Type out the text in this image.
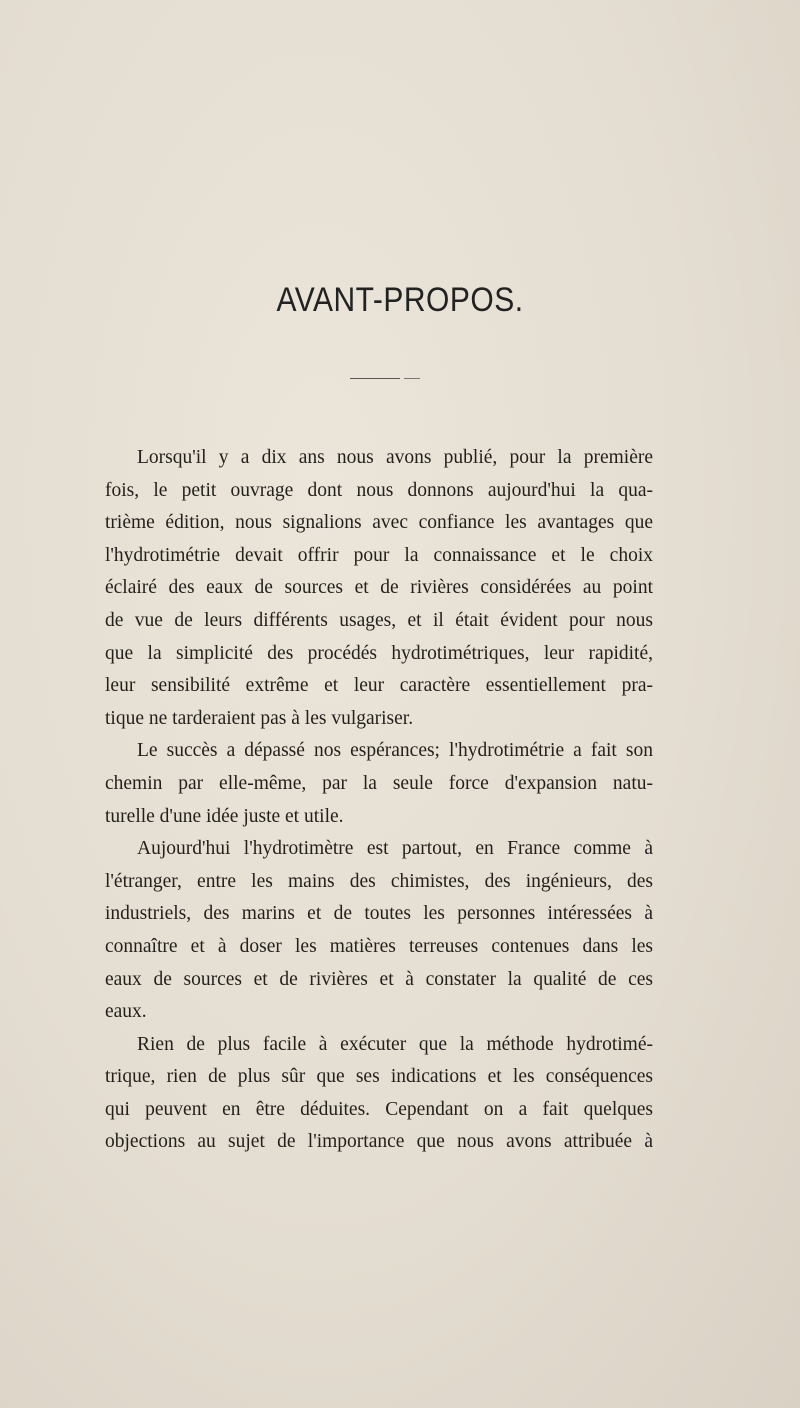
AVANT-PROPOS.

Lorsqu'il y a dix ans nous avons publié, pour la première
fois, le petit ouvrage dont nous donnons aujourd'hui la qua-
trième édition, nous signalions avec confiance les avantages que
l'hydrotimétrie devait offrir pour la connaissance et le choix
éclairé des eaux de sources et de rivières considérées au point
de vue de leurs différents usages, et il était évident pour nous
que la simplicité des procédés hydrotimétriques, leur rapidité,
leur sensibilité extrême et leur caractère essentiellement pra-
tique ne tarderaient pas à les vulgariser.

Le succès a dépassé nos espérances; l'hydrotimétrie a fait son
chemin par elle-même, par la seule force d'expansion natu-
turelle d'une idée juste et utile.

Aujourd'hui l'hydrotimètre est partout, en France comme à
l'étranger, entre les mains des chimistes, des ingénieurs, des
industriels, des marins et de toutes les personnes intéressées à
connaître et à doser les matières terreuses contenues dans les
eaux de sources et de rivières et à constater la qualité de ces
eaux.

Rien de plus facile à exécuter que la méthode hydrotimé-
trique, rien de plus sûr que ses indications et les conséquences
qui peuvent en être déduites. Cependant on a fait quelques
objections au sujet de l'importance que nous avons attribuée à
